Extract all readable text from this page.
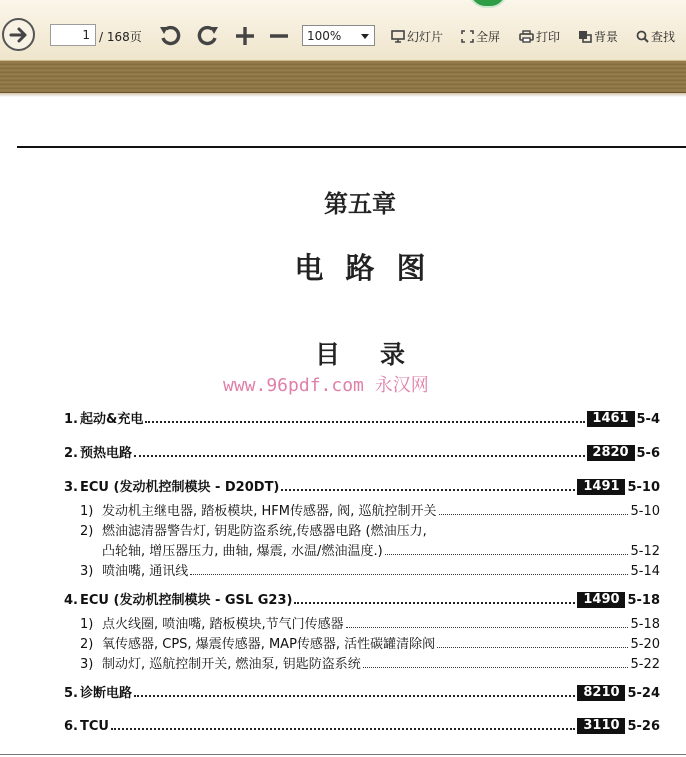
1 / 168页	100%	幻灯片	全屏	打印	背景	查找
第五章
电路图
目录
www.96pdf.com 永汉网
1. 起动&充电	1461 5-4
2. 预热电路	2820 5-6
3. ECU (发动机控制模块 - D20DT)	1491 5-10
1) 发动机主继电器, 踏板模块, HFM传感器, 阀, 巡航控制开关	5-10
2) 燃油滤清器警告灯, 钥匙防盗系统,传感器电路 (燃油压力,
凸轮轴, 增压器压力, 曲轴, 爆震, 水温/燃油温度.)	5-12
3) 喷油嘴, 通讯线	5-14
4. ECU (发动机控制模块 - GSL G23)	1490 5-18
1) 点火线圈, 喷油嘴, 踏板模块,节气门传感器	5-18
2) 氧传感器, CPS, 爆震传感器, MAP传感器, 活性碳罐清除阀	5-20
3) 制动灯, 巡航控制开关, 燃油泵, 钥匙防盗系统	5-22
5. 诊断电路	8210 5-24
6. TCU	3110 5-26
